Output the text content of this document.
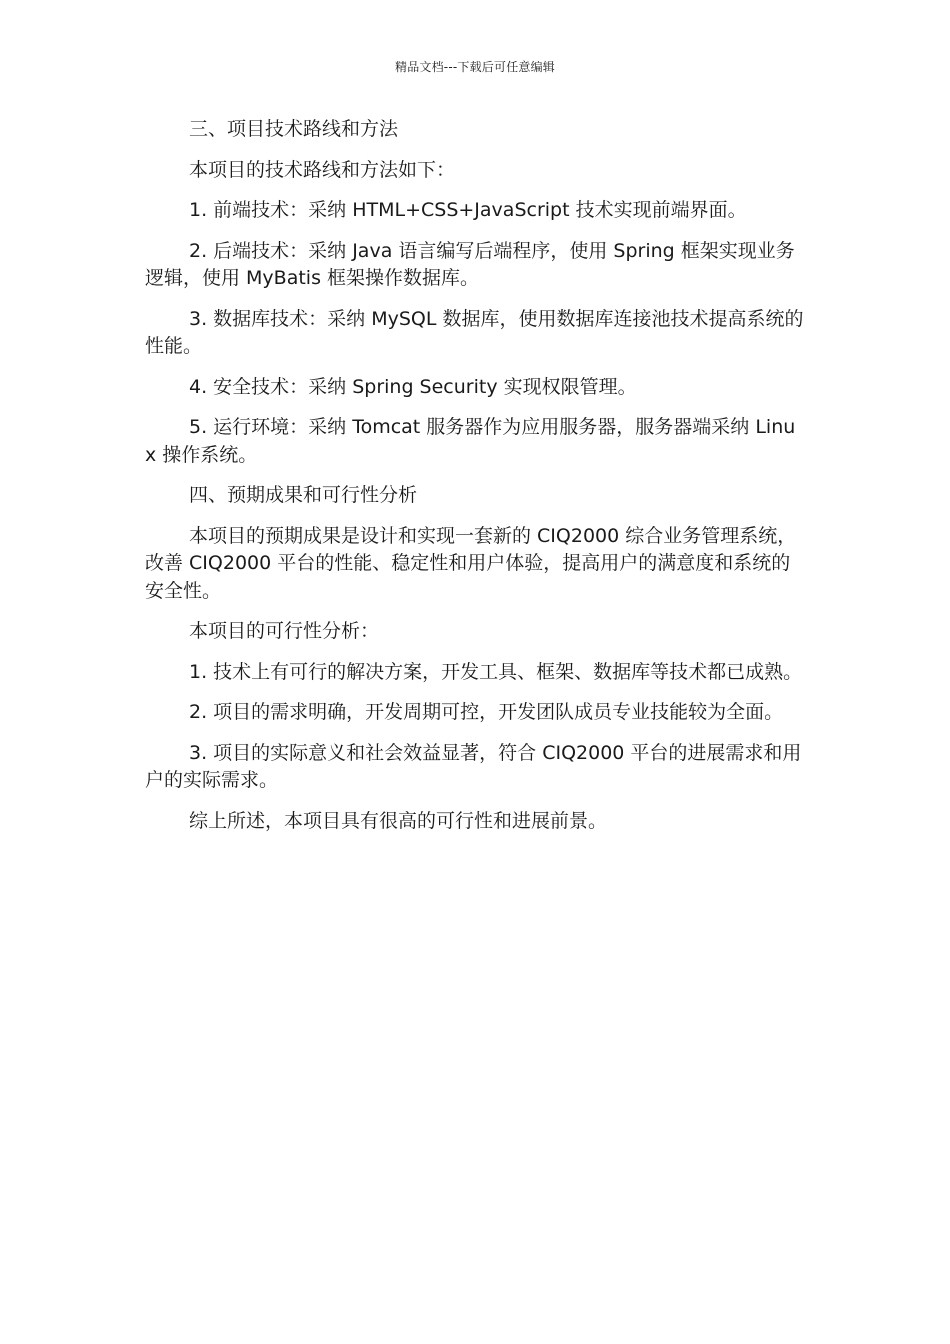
精品文档---下载后可任意编辑

三、项目技术路线和方法

本项目的技术路线和方法如下：

1. 前端技术：采纳 HTML+CSS+JavaScript 技术实现前端界面。

2. 后端技术：采纳 Java 语言编写后端程序，使用 Spring 框架实现业务逻辑，使用 MyBatis 框架操作数据库。

3. 数据库技术：采纳 MySQL 数据库，使用数据库连接池技术提高系统的性能。

4. 安全技术：采纳 Spring Security 实现权限管理。

5. 运行环境：采纳 Tomcat 服务器作为应用服务器，服务器端采纳 Linux 操作系统。

四、预期成果和可行性分析

本项目的预期成果是设计和实现一套新的 CIQ2000 综合业务管理系统，改善 CIQ2000 平台的性能、稳定性和用户体验，提高用户的满意度和系统的安全性。

本项目的可行性分析：

1. 技术上有可行的解决方案，开发工具、框架、数据库等技术都已成熟。

2. 项目的需求明确，开发周期可控，开发团队成员专业技能较为全面。

3. 项目的实际意义和社会效益显著，符合 CIQ2000 平台的进展需求和用户的实际需求。

综上所述，本项目具有很高的可行性和进展前景。
